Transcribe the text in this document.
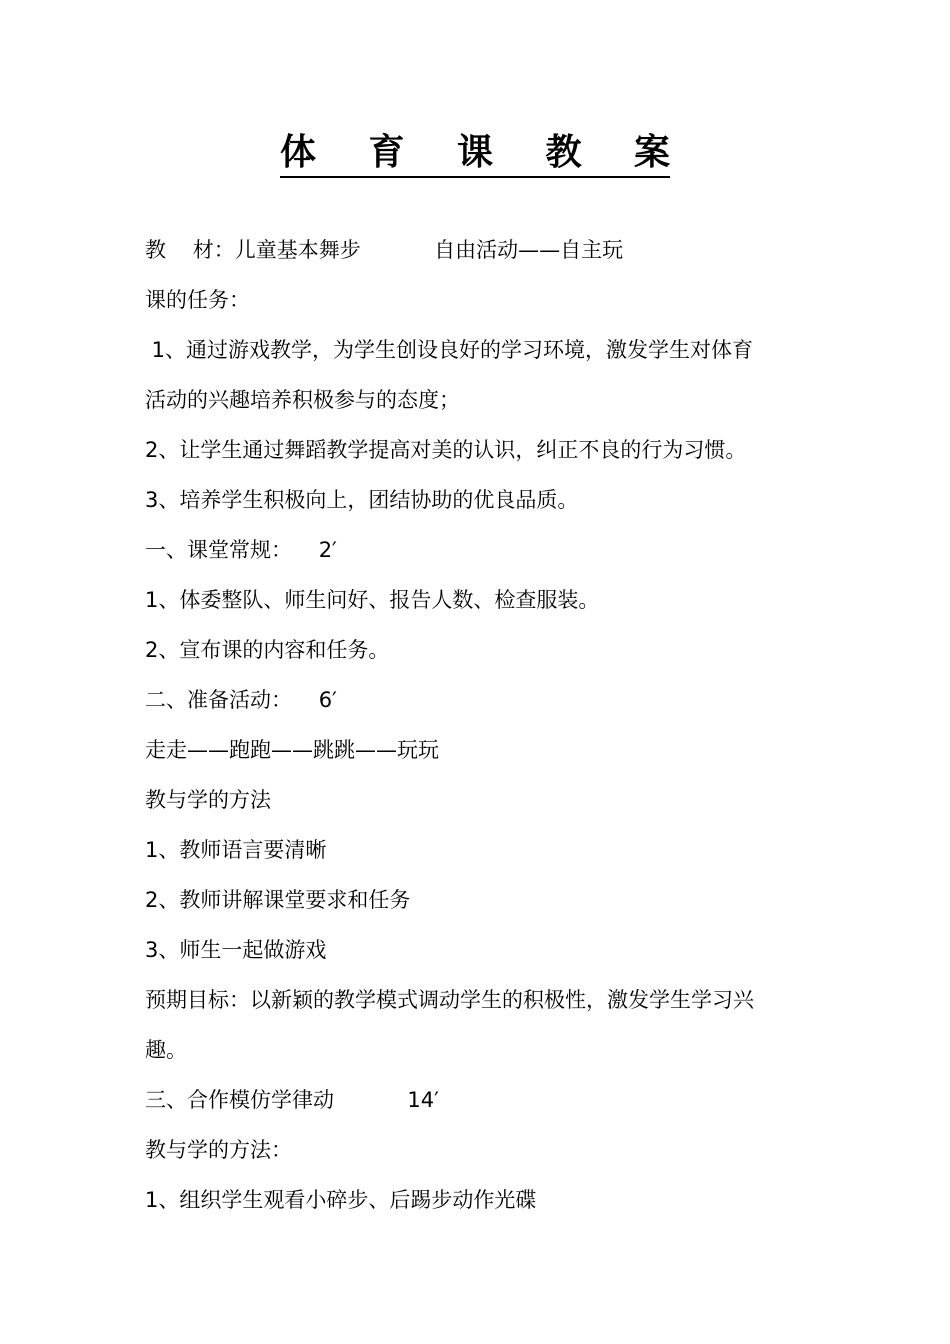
体 育 课 教 案
教    材：儿童基本舞步           自由活动——自主玩
课的任务：
1、通过游戏教学，为学生创设良好的学习环境，激发学生对体育
活动的兴趣培养积极参与的态度；
2、让学生通过舞蹈教学提高对美的认识，纠正不良的行为习惯。
3、培养学生积极向上，团结协助的优良品质。
一、课堂常规：    2′
1、体委整队、师生问好、报告人数、检查服装。
2、宣布课的内容和任务。
二、准备活动：    6′
走走——跑跑——跳跳——玩玩
教与学的方法
1、教师语言要清晰
2、教师讲解课堂要求和任务
3、师生一起做游戏
预期目标：以新颖的教学模式调动学生的积极性，激发学生学习兴
趣。
三、合作模仿学律动           14′
教与学的方法：
1、组织学生观看小碎步、后踢步动作光碟
